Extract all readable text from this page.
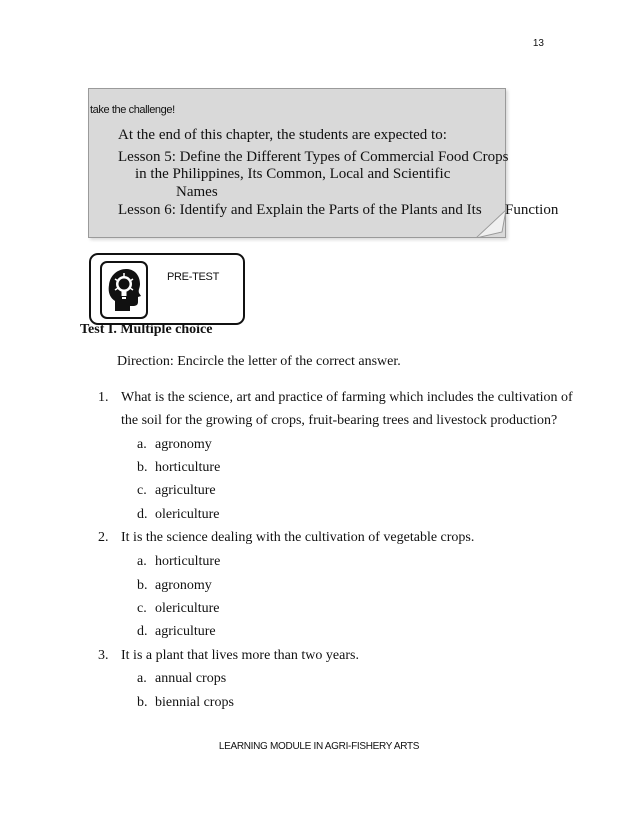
13
take the challenge!
At the end of this chapter, the students are expected to:
Lesson 5: Define the Different Types of Commercial Food Crops
in the Philippines, Its Common, Local and Scientific
Names
Lesson 6: Identify and Explain the Parts of the Plants and Its Function
PRE-TEST
Test I. Multiple choice
Direction: Encircle the letter of the correct answer.
1. What is the science, art and practice of farming which includes the cultivation of
the soil for the growing of crops, fruit-bearing trees and livestock production?
a. agronomy
b. horticulture
c. agriculture
d. olericulture
2. It is the science dealing with the cultivation of vegetable crops.
a. horticulture
b. agronomy
c. olericulture
d. agriculture
3. It is a plant that lives more than two years.
a. annual crops
b. biennial crops
LEARNING MODULE IN AGRI-FISHERY ARTS
